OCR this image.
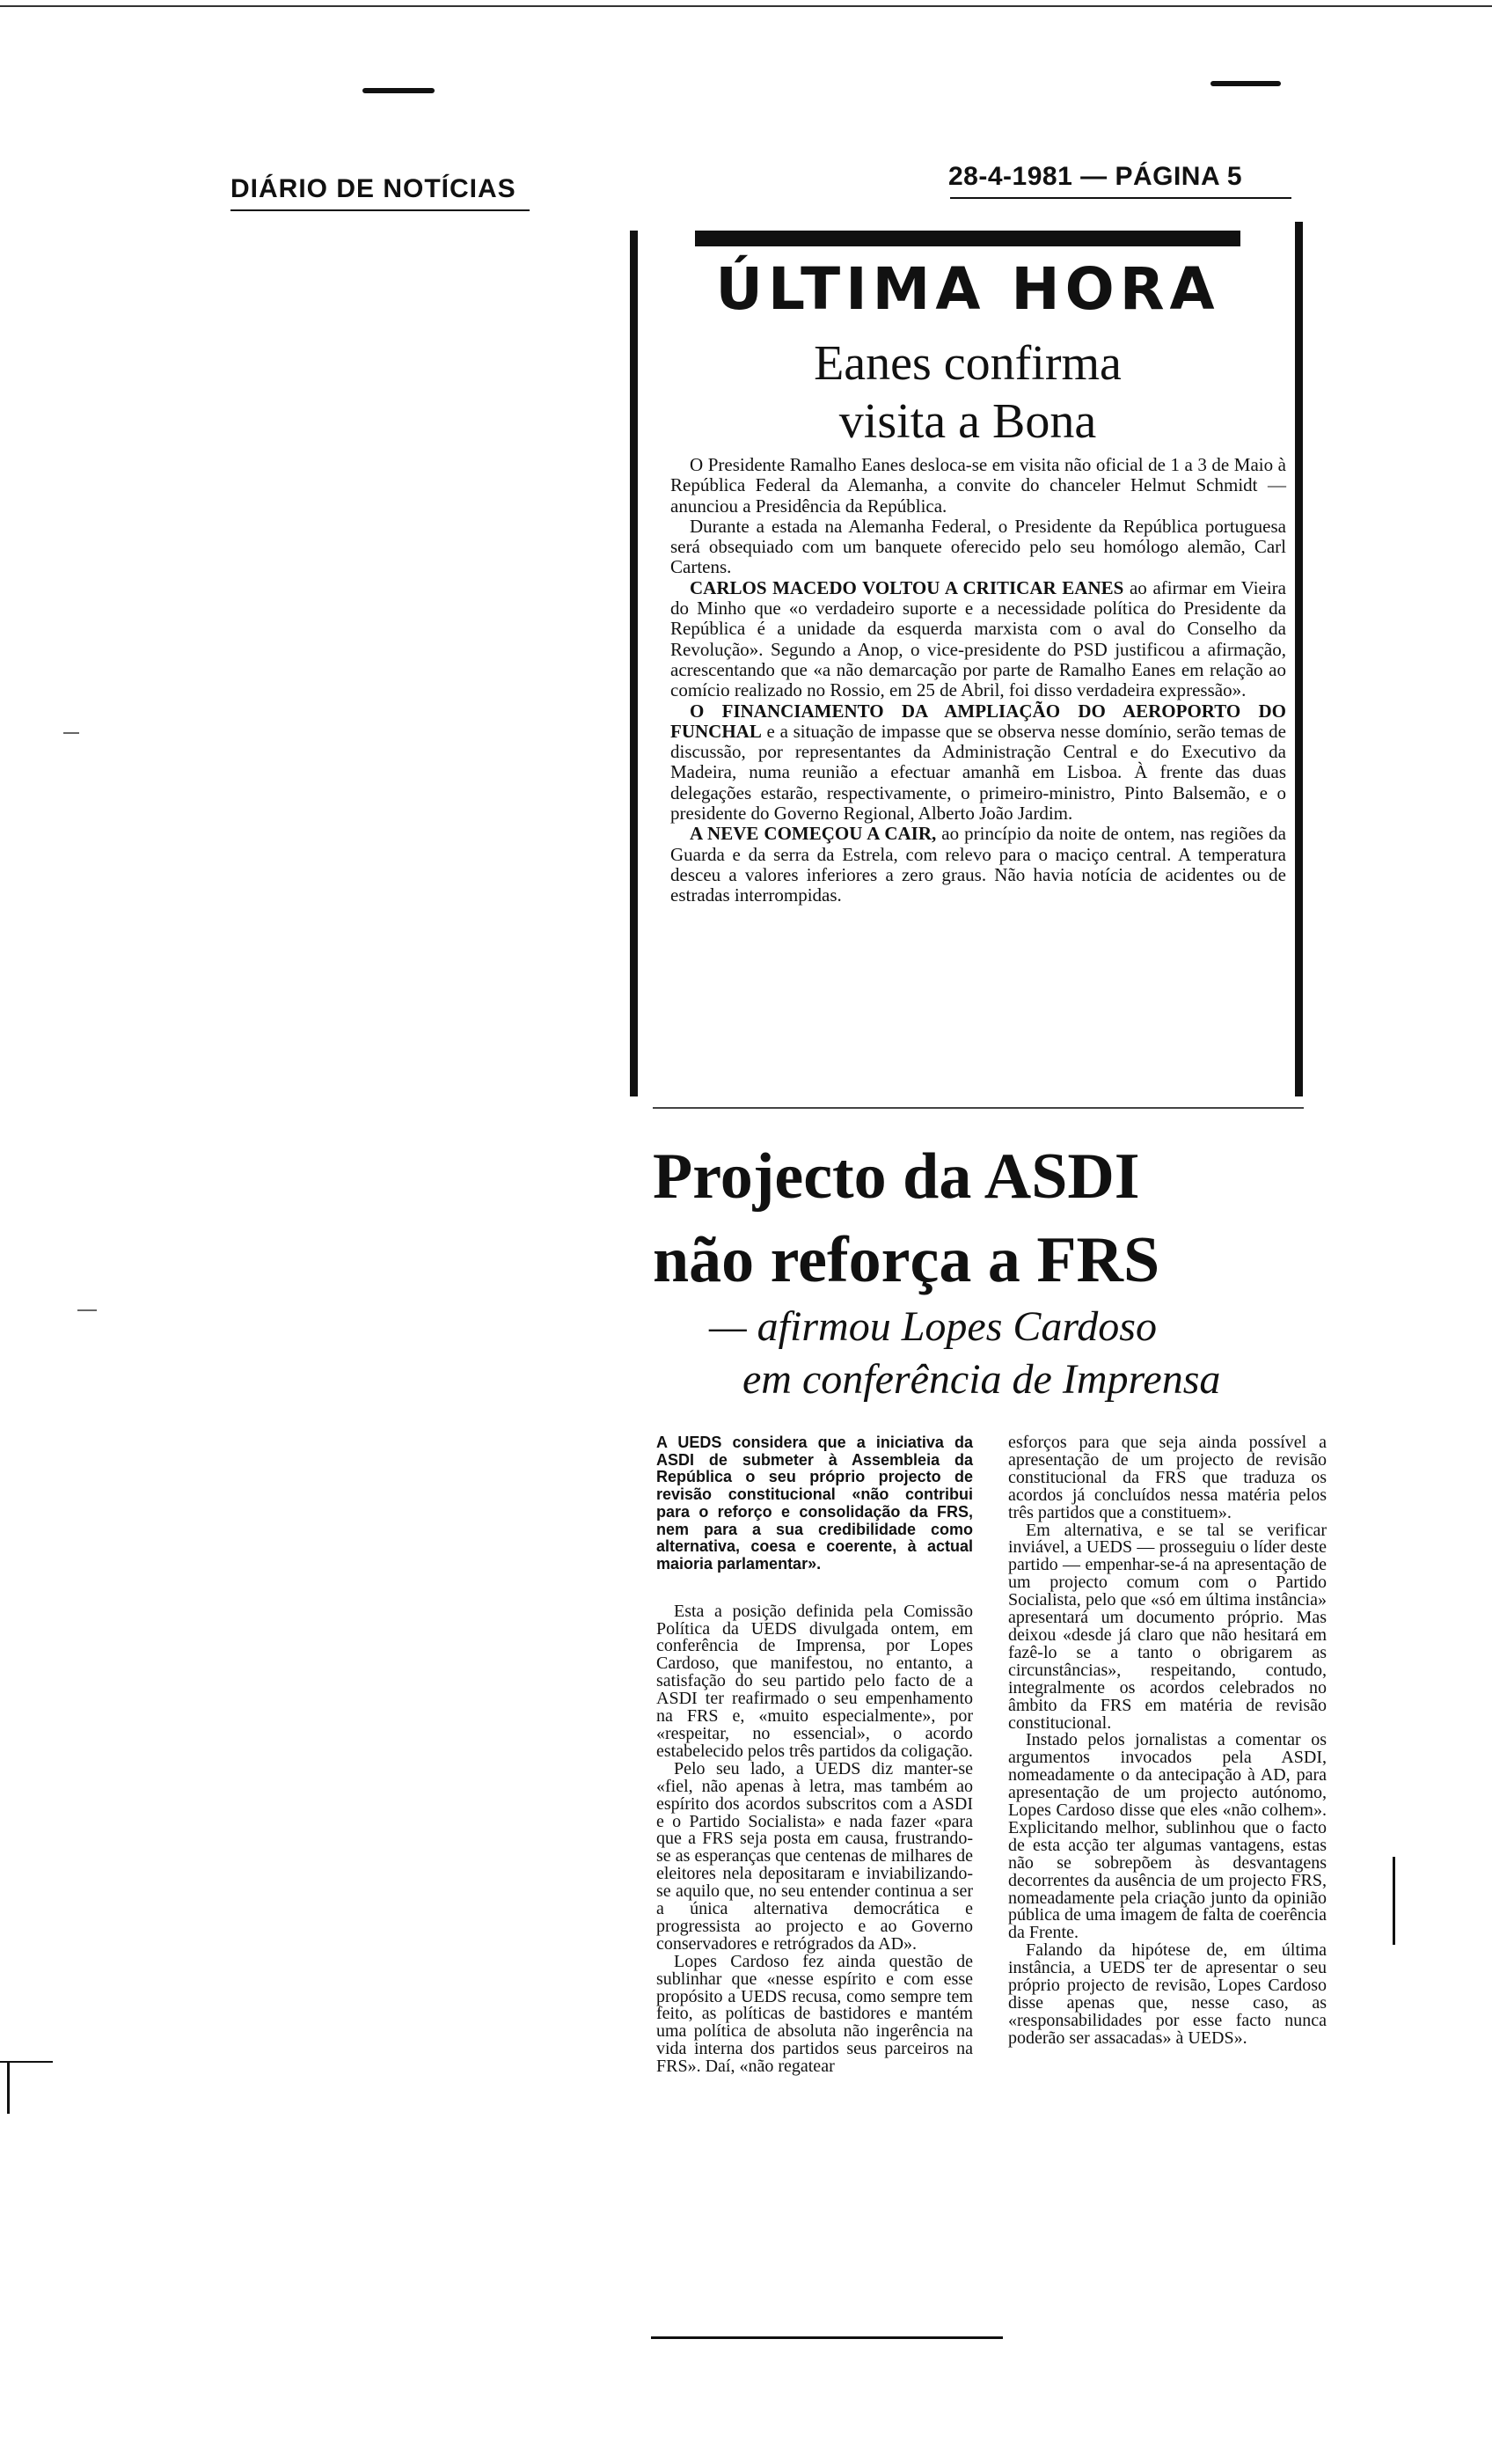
DIÁRIO DE NOTÍCIAS	28-4-1981 — PÁGINA 5
ÚLTIMA HORA
Eanes confirma
visita a Bona

O Presidente Ramalho Eanes desloca-se em visita não oficial de 1 a 3 de Maio à República Federal da Alemanha, a convite do chanceler Helmut Schmidt — anunciou a Presidência da República.

Durante a estada na Alemanha Federal, o Presidente da República portuguesa será obsequiado com um banquete oferecido pelo seu homólogo alemão, Carl Cartens.

CARLOS MACEDO VOLTOU A CRITICAR EANES ao afirmar em Vieira do Minho que «o verdadeiro suporte e a necessidade política do Presidente da República é a unidade da esquerda marxista com o aval do Conselho da Revolução». Segundo a Anop, o vice-presidente do PSD justificou a afirmação, acrescentando que «a não demarcação por parte de Ramalho Eanes em relação ao comício realizado no Rossio, em 25 de Abril, foi disso verdadeira expressão».

O FINANCIAMENTO DA AMPLIAÇÃO DO AEROPORTO DO FUNCHAL e a situação de impasse que se observa nesse domínio, serão temas de discussão, por representantes da Administração Central e do Executivo da Madeira, numa reunião a efectuar amanhã em Lisboa. À frente das duas delegações estarão, respectivamente, o primeiro-ministro, Pinto Balsemão, e o presidente do Governo Regional, Alberto João Jardim.

A NEVE COMEÇOU A CAIR, ao princípio da noite de ontem, nas regiões da Guarda e da serra da Estrela, com relevo para o maciço central. A temperatura desceu a valores inferiores a zero graus. Não havia notícia de acidentes ou de estradas interrompidas.

Projecto da ASDI
não reforça a FRS
— afirmou Lopes Cardoso
em conferência de Imprensa

A UEDS considera que a iniciativa da ASDI de submeter à Assembleia da República o seu próprio projecto de revisão constitucional «não contribui para o reforço e consolidação da FRS, nem para a sua credibilidade como alternativa, coesa e coerente, à actual maioria parlamentar».

Esta a posição definida pela Comissão Política da UEDS divulgada ontem, em conferência de Imprensa, por Lopes Cardoso, que manifestou, no entanto, a satisfação do seu partido pelo facto de a ASDI ter reafirmado o seu empenhamento na FRS e, «muito especialmente», por «respeitar, no essencial», o acordo estabelecido pelos três partidos da coligação.

Pelo seu lado, a UEDS diz manter-se «fiel, não apenas à letra, mas também ao espírito dos acordos subscritos com a ASDI e o Partido Socialista» e nada fazer «para que a FRS seja posta em causa, frustrando-se as esperanças que centenas de milhares de eleitores nela depositaram e inviabilizando-se aquilo que, no seu entender continua a ser a única alternativa democrática e progressista ao projecto e ao Governo conservadores e retrógrados da AD».

Lopes Cardoso fez ainda questão de sublinhar que «nesse espírito e com esse propósito a UEDS recusa, como sempre tem feito, as políticas de bastidores e mantém uma política de absoluta não ingerência na vida interna dos partidos seus parceiros na FRS». Daí, «não regatear

esforços para que seja ainda possível a apresentação de um projecto de revisão constitucional da FRS que traduza os acordos já concluídos nessa matéria pelos três partidos que a constituem».

Em alternativa, e se tal se verificar inviável, a UEDS — prosseguiu o líder deste partido — empenhar-se-á na apresentação de um projecto comum com o Partido Socialista, pelo que «só em última instância» apresentará um documento próprio. Mas deixou «desde já claro que não hesitará em fazê-lo se a tanto o obrigarem as circunstâncias», respeitando, contudo, integralmente os acordos celebrados no âmbito da FRS em matéria de revisão constitucional.

Instado pelos jornalistas a comentar os argumentos invocados pela ASDI, nomeadamente o da antecipação à AD, para apresentação de um projecto autónomo, Lopes Cardoso disse que eles «não colhem». Explicitando melhor, sublinhou que o facto de esta acção ter algumas vantagens, estas não se sobrepõem às desvantagens decorrentes da ausência de um projecto FRS, nomeadamente pela criação junto da opinião pública de uma imagem de falta de coerência da Frente.

Falando da hipótese de, em última instância, a UEDS ter de apresentar o seu próprio projecto de revisão, Lopes Cardoso disse apenas que, nesse caso, as «responsabilidades por esse facto nunca poderão ser assacadas» à UEDS».
